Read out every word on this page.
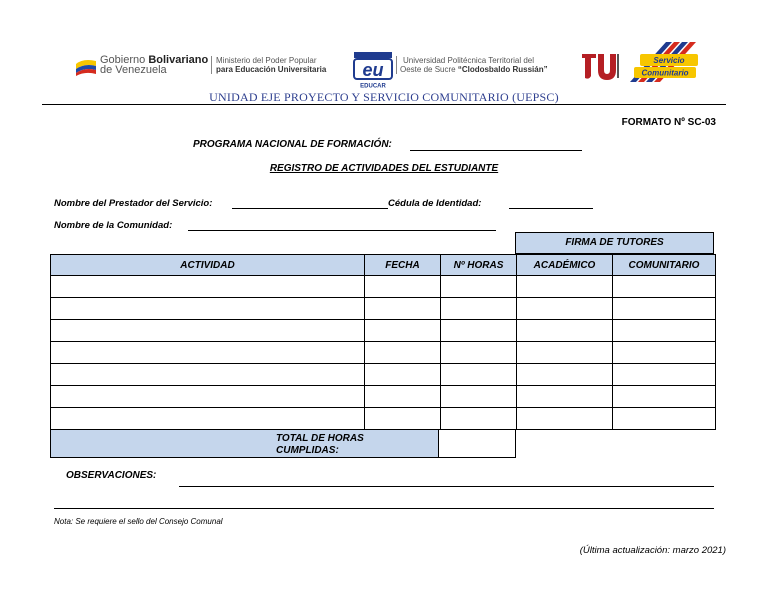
Gobierno Bolivariano
de Venezuela
Ministerio del Poder Popular
para Educación Universitaria eu
EDUCAR
Universidad Politécnica Territorial del
Oeste de Sucre “Clodosbaldo Russián”
Servicio
Comunitario
UNIDAD EJE PROYECTO Y SERVICIO COMUNITARIO (UEPSC)
FORMATO Nº SC-03
PROGRAMA NACIONAL DE FORMACIÓN:
REGISTRO DE ACTIVIDADES DEL ESTUDIANTE
Nombre del Prestador del Servicio:	Cédula de Identidad:
Nombre de la Comunidad:
FIRMA DE TUTORES
ACTIVIDAD	FECHA	Nº HORAS	ACADÉMICO	COMUNITARIO

TOTAL DE HORAS
CUMPLIDAS:
OBSERVACIONES:
Nota: Se requiere el sello del Consejo Comunal
(Última actualización: marzo 2021)
